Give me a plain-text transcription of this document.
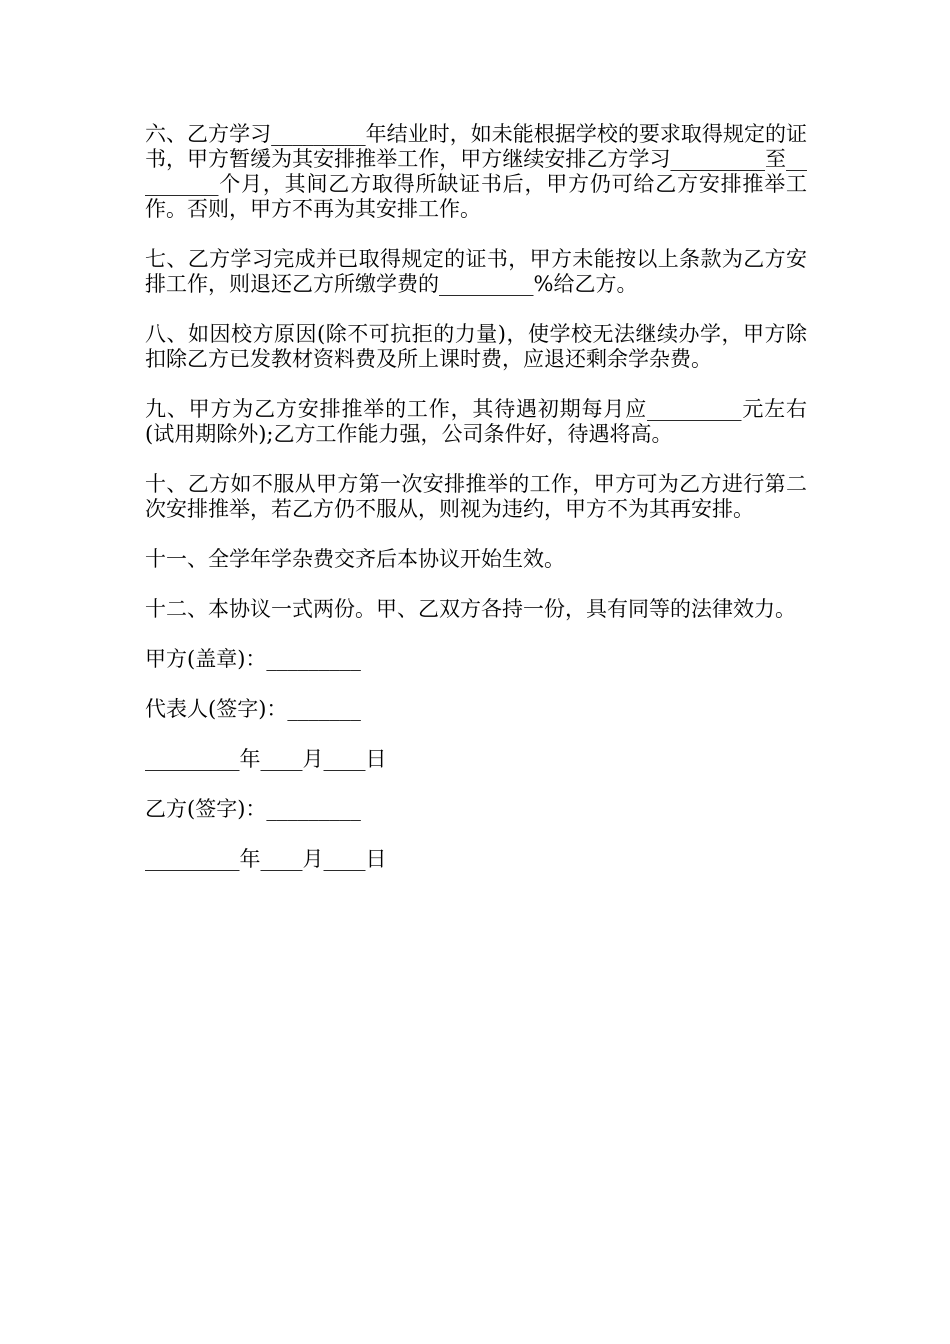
六、乙方学习_________年结业时，如未能根据学校的要求取得规定的证书，甲方暂缓为其安排推举工作，甲方继续安排乙方学习_________至_________个月，其间乙方取得所缺证书后，甲方仍可给乙方安排推举工作。否则，甲方不再为其安排工作。

七、乙方学习完成并已取得规定的证书，甲方未能按以上条款为乙方安排工作，则退还乙方所缴学费的_________%给乙方。

八、如因校方原因(除不可抗拒的力量)，使学校无法继续办学，甲方除扣除乙方已发教材资料费及所上课时费，应退还剩余学杂费。

九、甲方为乙方安排推举的工作，其待遇初期每月应_________元左右(试用期除外);乙方工作能力强，公司条件好，待遇将高。

十、乙方如不服从甲方第一次安排推举的工作，甲方可为乙方进行第二次安排推举，若乙方仍不服从，则视为违约，甲方不为其再安排。

十一、全学年学杂费交齐后本协议开始生效。

十二、本协议一式两份。甲、乙双方各持一份，具有同等的法律效力。

甲方(盖章)：_________

代表人(签字)：_______

_________年____月____日

乙方(签字)：_________

_________年____月____日
